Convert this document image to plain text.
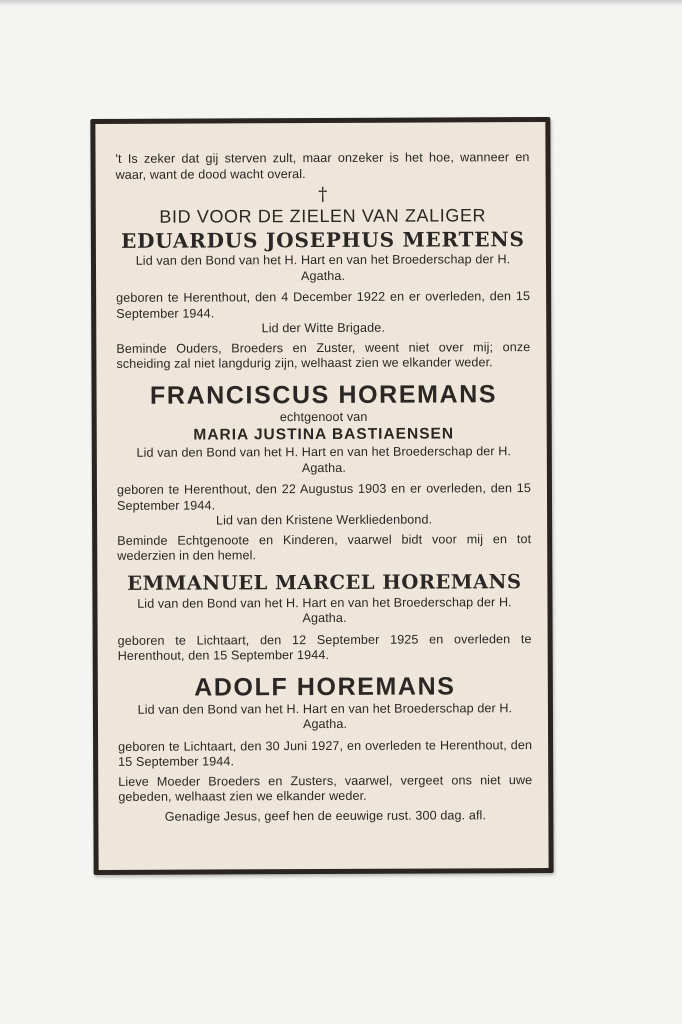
't Is zeker dat gij sterven zult, maar onzeker is het hoe, wanneer en waar, want de dood wacht overal.

†

BID VOOR DE ZIELEN VAN ZALIGER

EDUARDUS JOSEPHUS MERTENS

Lid van den Bond van het H. Hart en van het Broederschap der H. Agatha.

geboren te Herenthout, den 4 December 1922 en er overleden, den 15 September 1944.

Lid der Witte Brigade.

Beminde Ouders, Broeders en Zuster, weent niet over mij; onze scheiding zal niet langdurig zijn, welhaast zien we elkander weder.

FRANCISCUS HOREMANS

echtgenoot van

MARIA JUSTINA BASTIAENSEN

Lid van den Bond van het H. Hart en van het Broederschap der H. Agatha.

geboren te Herenthout, den 22 Augustus 1903 en er overleden, den 15 September 1944.

Lid van den Kristene Werkliedenbond.

Beminde Echtgenoote en Kinderen, vaarwel bidt voor mij en tot wederzien in den hemel.

EMMANUEL MARCEL HOREMANS

Lid van den Bond van het H. Hart en van het Broederschap der H. Agatha.

geboren te Lichtaart, den 12 September 1925 en overleden te Herenthout, den 15 September 1944.

ADOLF HOREMANS

Lid van den Bond van het H. Hart en van het Broederschap der H. Agatha.

geboren te Lichtaart, den 30 Juni 1927, en overleden te Herenthout, den 15 September 1944.

Lieve Moeder Broeders en Zusters, vaarwel, vergeet ons niet uwe gebeden, welhaast zien we elkander weder.

Genadige Jesus, geef hen de eeuwige rust. 300 dag. afl.
